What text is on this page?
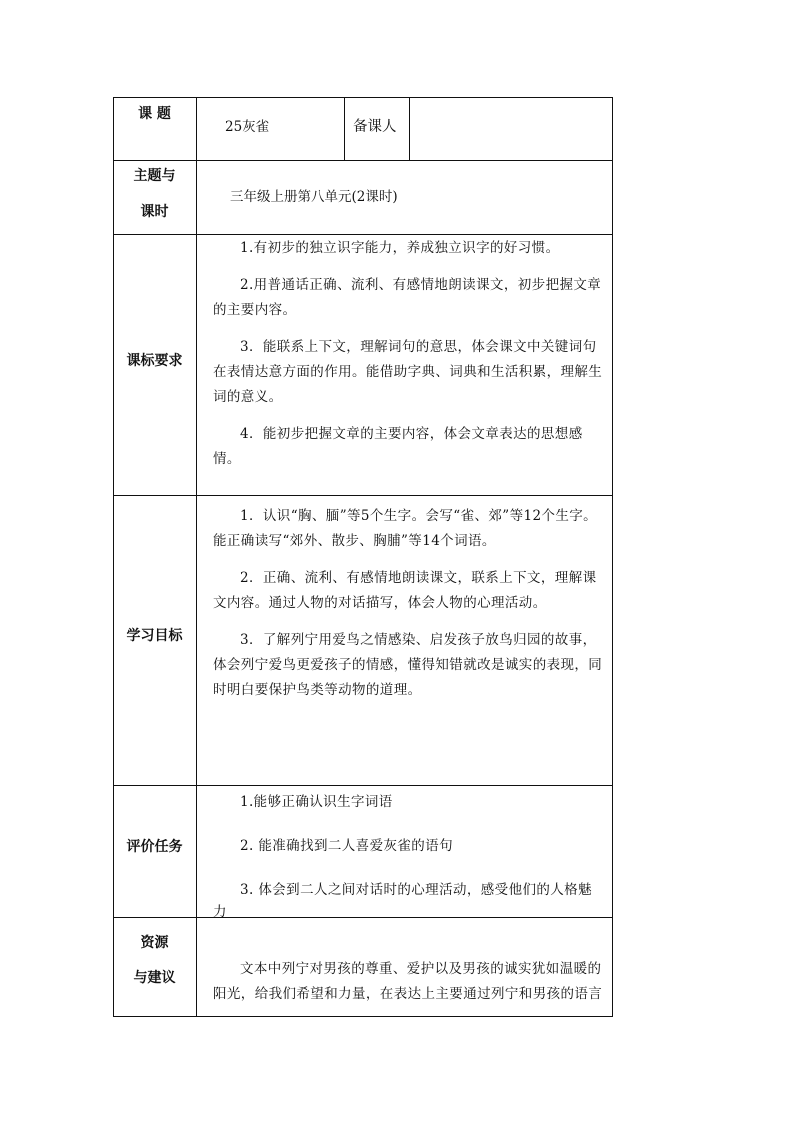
课 题
25灰雀	备课人
主题与
课时
三年级上册第八单元(2课时)
课标要求

1.有初步的独立识字能力，养成独立识字的好习惯。

2.用普通话正确、流利、有感情地朗读课文，初步把握文章的主要内容。

3．能联系上下文，理解词句的意思，体会课文中关键词句在表情达意方面的作用。能借助字典、词典和生活积累，理解生词的意义。

4．能初步把握文章的主要内容，体会文章表达的思想感情。

学习目标

1．认识“胸、腼”等5个生字。会写“雀、郊”等12个生字。能正确读写“郊外、散步、胸脯”等14个词语。

2．正确、流利、有感情地朗读课文，联系上下文，理解课文内容。通过人物的对话描写，体会人物的心理活动。

3．了解列宁用爱鸟之情感染、启发孩子放鸟归园的故事，体会列宁爱鸟更爱孩子的情感，懂得知错就改是诚实的表现，同时明白要保护鸟类等动物的道理。

评价任务

1.能够正确认识生字词语

2. 能准确找到二人喜爱灰雀的语句

3. 体会到二人之间对话时的心理活动，感受他们的人格魅力

资源
与建议

文本中列宁对男孩的尊重、爱护以及男孩的诚实犹如温暖的阳光，给我们希望和力量，在表达上主要通过列宁和男孩的语言
